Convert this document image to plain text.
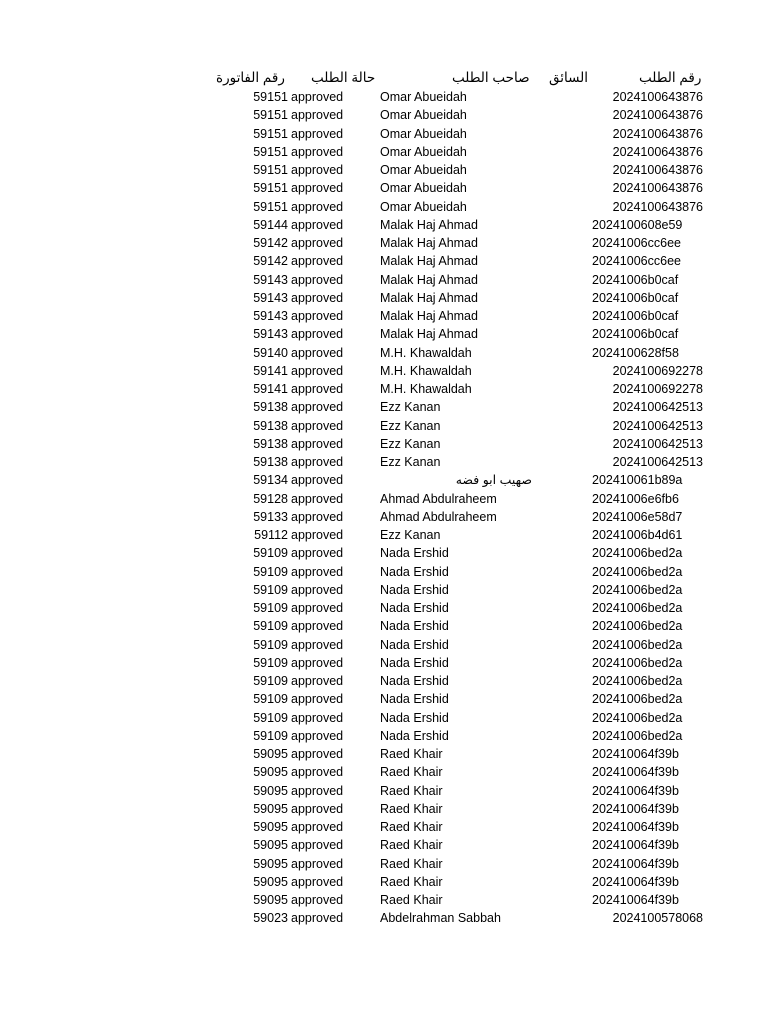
رقم الفاتورة حالة الطلب	صاحب الطلب السائق	رقم الطلب
59151 approved	Omar Abueidah	2024100643876
59151 approved	Omar Abueidah	2024100643876
59151 approved	Omar Abueidah	2024100643876
59151 approved	Omar Abueidah	2024100643876
59151 approved	Omar Abueidah	2024100643876
59151 approved	Omar Abueidah	2024100643876
59151 approved	Omar Abueidah	2024100643876
59144 approved	Malak Haj Ahmad	2024100608e59
59142 approved	Malak Haj Ahmad	20241006cc6ee
59142 approved	Malak Haj Ahmad	20241006cc6ee
59143 approved	Malak Haj Ahmad	20241006b0caf
59143 approved	Malak Haj Ahmad	20241006b0caf
59143 approved	Malak Haj Ahmad	20241006b0caf
59143 approved	Malak Haj Ahmad	20241006b0caf
59140 approved	M.H. Khawaldah	2024100628f58
59141 approved	M.H. Khawaldah	2024100692278
59141 approved	M.H. Khawaldah	2024100692278
59138 approved	Ezz Kanan	2024100642513
59138 approved	Ezz Kanan	2024100642513
59138 approved	Ezz Kanan	2024100642513
59138 approved	Ezz Kanan	2024100642513
59134 approved	صهيب ابو فضه	202410061b89a
59128 approved	Ahmad Abdulraheem	20241006e6fb6
59133 approved	Ahmad Abdulraheem	20241006e58d7
59112 approved	Ezz Kanan	20241006b4d61
59109 approved	Nada Ershid	20241006bed2a
59109 approved	Nada Ershid	20241006bed2a
59109 approved	Nada Ershid	20241006bed2a
59109 approved	Nada Ershid	20241006bed2a
59109 approved	Nada Ershid	20241006bed2a
59109 approved	Nada Ershid	20241006bed2a
59109 approved	Nada Ershid	20241006bed2a
59109 approved	Nada Ershid	20241006bed2a
59109 approved	Nada Ershid	20241006bed2a
59109 approved	Nada Ershid	20241006bed2a
59109 approved	Nada Ershid	20241006bed2a
59095 approved	Raed Khair	202410064f39b
59095 approved	Raed Khair	202410064f39b
59095 approved	Raed Khair	202410064f39b
59095 approved	Raed Khair	202410064f39b
59095 approved	Raed Khair	202410064f39b
59095 approved	Raed Khair	202410064f39b
59095 approved	Raed Khair	202410064f39b
59095 approved	Raed Khair	202410064f39b
59095 approved	Raed Khair	202410064f39b
59023 approved	Abdelrahman Sabbah	2024100578068
